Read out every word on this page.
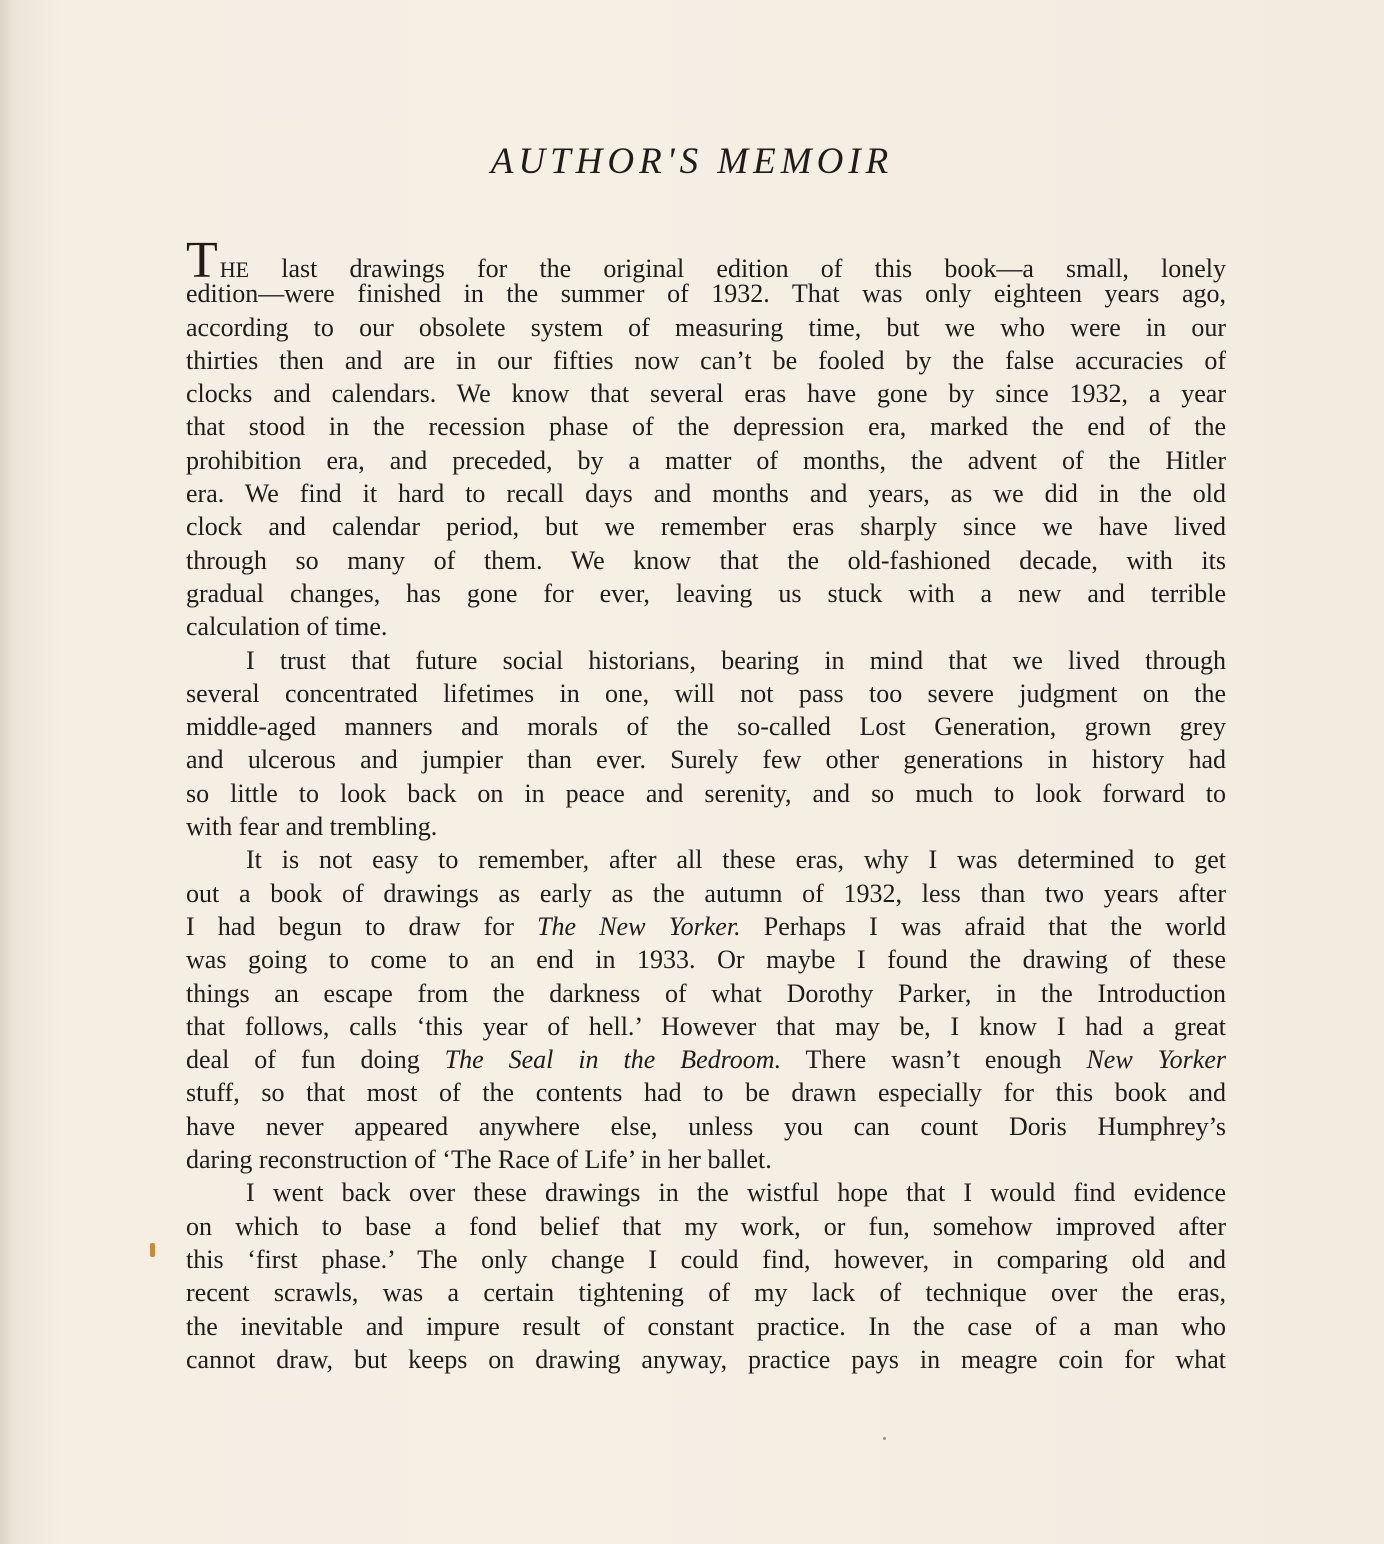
AUTHOR'S MEMOIR
THE last drawings for the original edition of this book—a small, lonely
edition—were finished in the summer of 1932. That was only eighteen years ago,
according to our obsolete system of measuring time, but we who were in our
thirties then and are in our fifties now can’t be fooled by the false accuracies of
clocks and calendars. We know that several eras have gone by since 1932, a year
that stood in the recession phase of the depression era, marked the end of the
prohibition era, and preceded, by a matter of months, the advent of the Hitler
era. We find it hard to recall days and months and years, as we did in the old
clock and calendar period, but we remember eras sharply since we have lived
through so many of them. We know that the old-fashioned decade, with its
gradual changes, has gone for ever, leaving us stuck with a new and terrible
calculation of time.
I trust that future social historians, bearing in mind that we lived through
several concentrated lifetimes in one, will not pass too severe judgment on the
middle-aged manners and morals of the so-called Lost Generation, grown grey
and ulcerous and jumpier than ever. Surely few other generations in history had
so little to look back on in peace and serenity, and so much to look forward to
with fear and trembling.
It is not easy to remember, after all these eras, why I was determined to get
out a book of drawings as early as the autumn of 1932, less than two years after
I had begun to draw for The New Yorker. Perhaps I was afraid that the world
was going to come to an end in 1933. Or maybe I found the drawing of these
things an escape from the darkness of what Dorothy Parker, in the Introduction
that follows, calls ‘this year of hell.’ However that may be, I know I had a great
deal of fun doing The Seal in the Bedroom. There wasn’t enough New Yorker
stuff, so that most of the contents had to be drawn especially for this book and
have never appeared anywhere else, unless you can count Doris Humphrey’s
daring reconstruction of ‘The Race of Life’ in her ballet.
I went back over these drawings in the wistful hope that I would find evidence
on which to base a fond belief that my work, or fun, somehow improved after
this ‘first phase.’ The only change I could find, however, in comparing old and
recent scrawls, was a certain tightening of my lack of technique over the eras,
the inevitable and impure result of constant practice. In the case of a man who
cannot draw, but keeps on drawing anyway, practice pays in meagre coin for what
